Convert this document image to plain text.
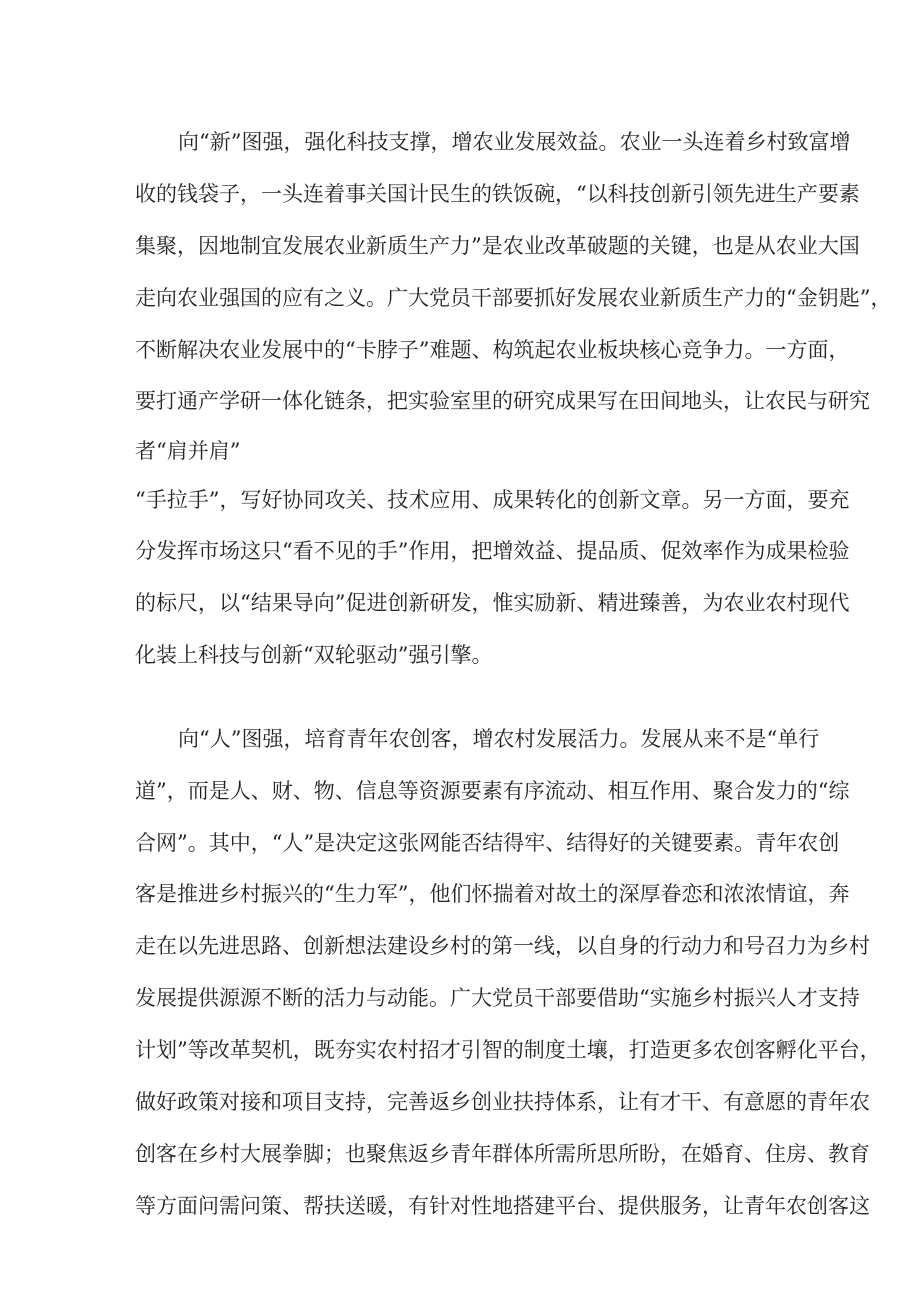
向“新”图强，强化科技支撑，增农业发展效益。农业一头连着乡村致富增
收的钱袋子，一头连着事关国计民生的铁饭碗，“以科技创新引领先进生产要素
集聚，因地制宜发展农业新质生产力”是农业改革破题的关键，也是从农业大国
走向农业强国的应有之义。广大党员干部要抓好发展农业新质生产力的“金钥匙”，
不断解决农业发展中的“卡脖子”难题、构筑起农业板块核心竞争力。一方面，
要打通产学研一体化链条，把实验室里的研究成果写在田间地头，让农民与研究
者“肩并肩”
“手拉手”，写好协同攻关、技术应用、成果转化的创新文章。另一方面，要充
分发挥市场这只“看不见的手”作用，把增效益、提品质、促效率作为成果检验
的标尺，以“结果导向”促进创新研发，惟实励新、精进臻善，为农业农村现代
化装上科技与创新“双轮驱动”强引擎。
向“人”图强，培育青年农创客，增农村发展活力。发展从来不是“单行
道”，而是人、财、物、信息等资源要素有序流动、相互作用、聚合发力的“综
合网”。其中，“人”是决定这张网能否结得牢、结得好的关键要素。青年农创
客是推进乡村振兴的“生力军”，他们怀揣着对故土的深厚眷恋和浓浓情谊，奔
走在以先进思路、创新想法建设乡村的第一线，以自身的行动力和号召力为乡村
发展提供源源不断的活力与动能。广大党员干部要借助“实施乡村振兴人才支持
计划”等改革契机，既夯实农村招才引智的制度土壤，打造更多农创客孵化平台，
做好政策对接和项目支持，完善返乡创业扶持体系，让有才干、有意愿的青年农
创客在乡村大展拳脚；也聚焦返乡青年群体所需所思所盼，在婚育、住房、教育
等方面问需问策、帮扶送暖，有针对性地搭建平台、提供服务，让青年农创客这
